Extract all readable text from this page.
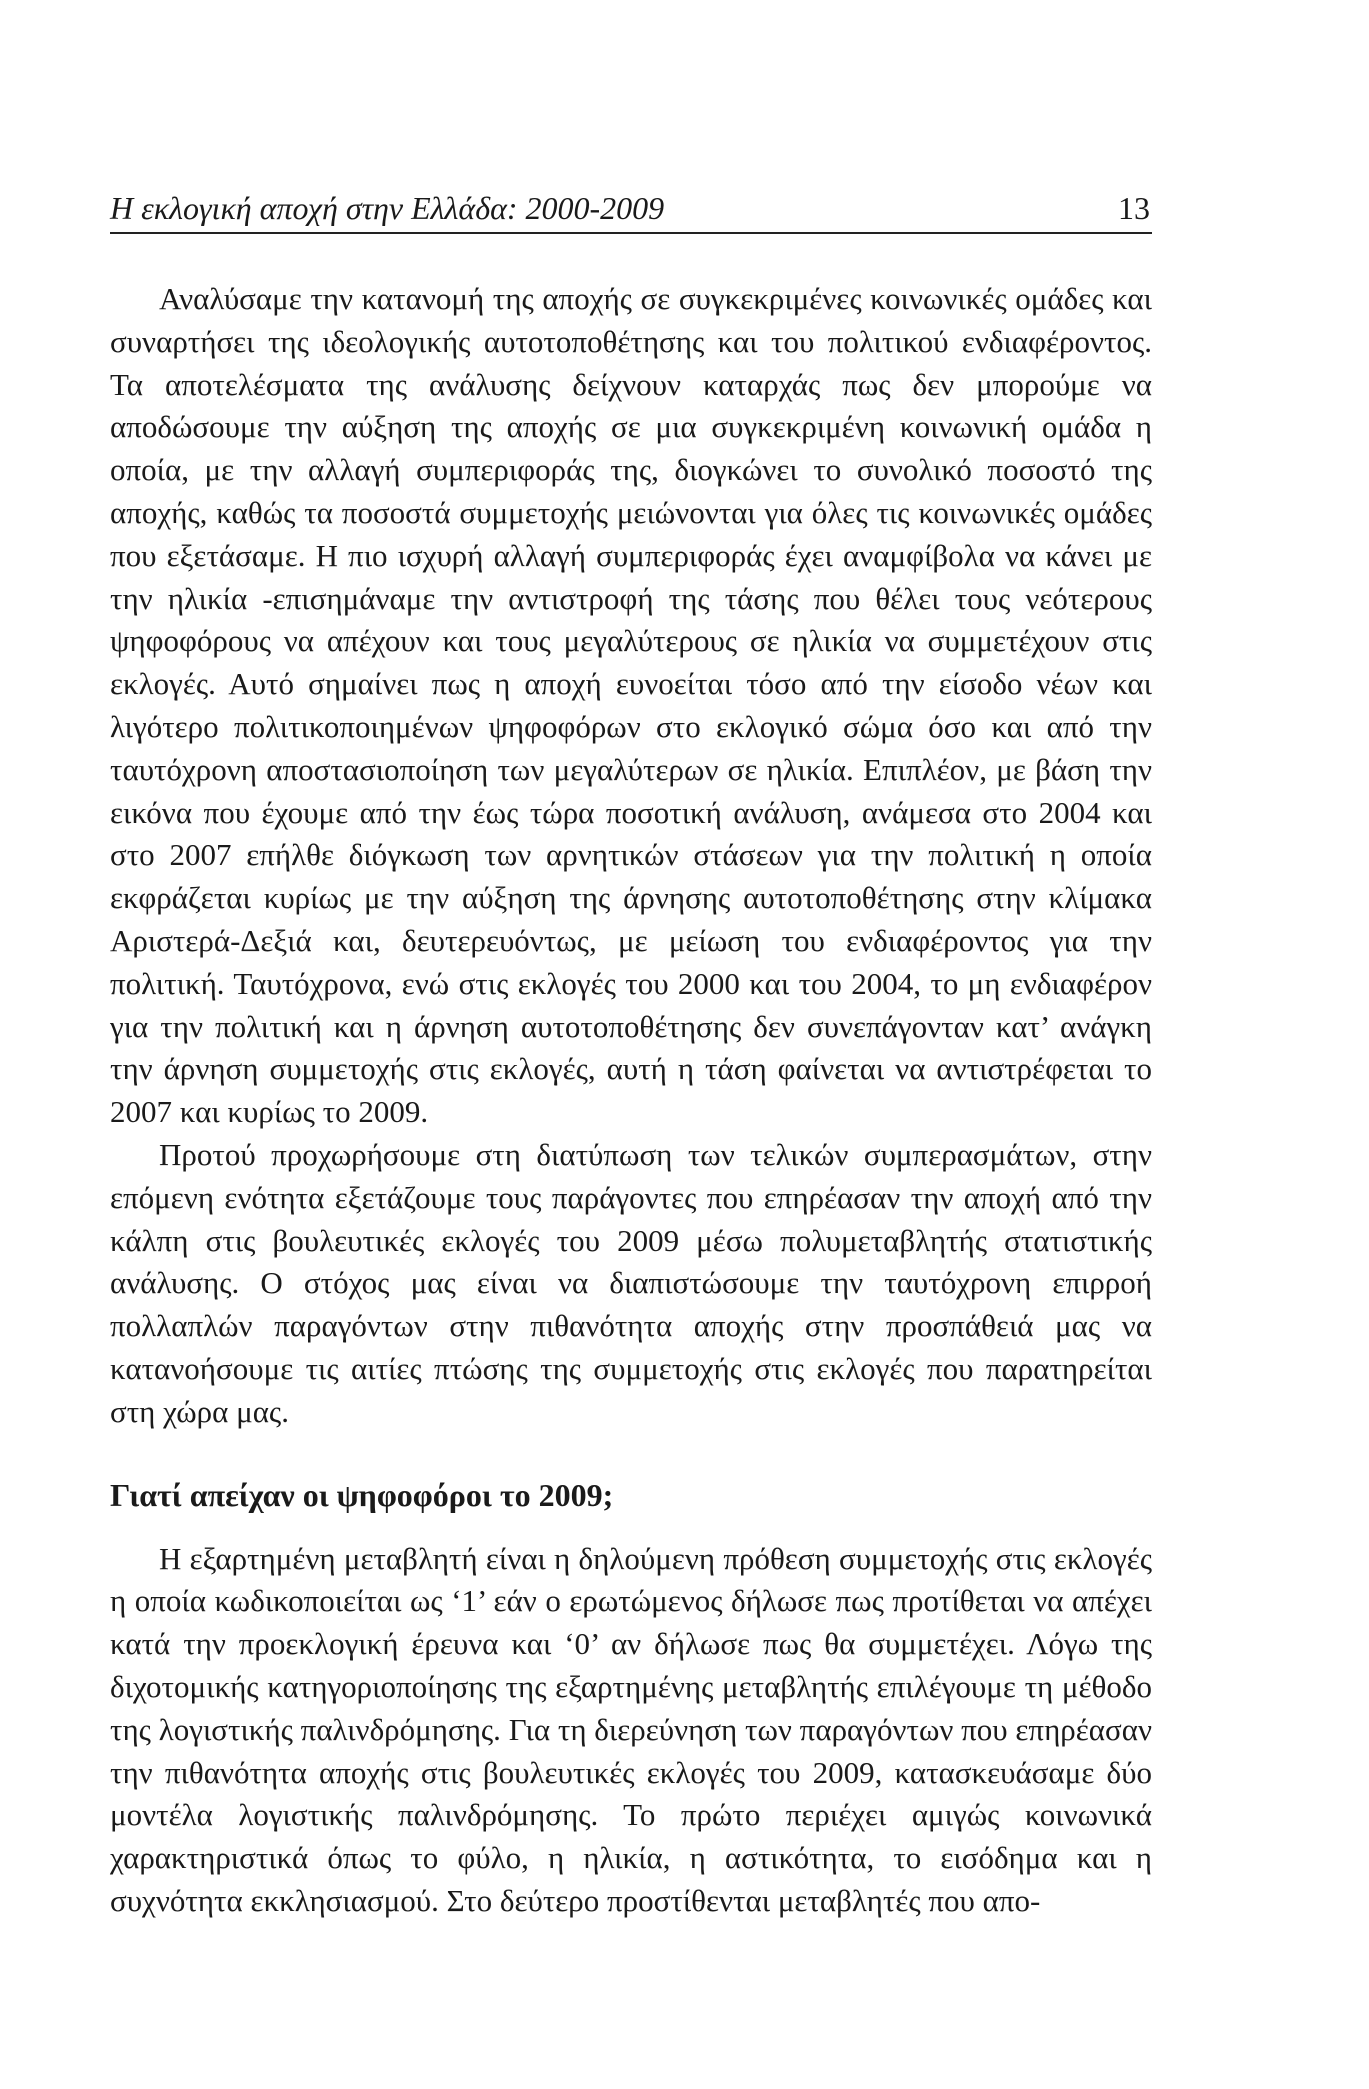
Η εκλογική αποχή στην Ελλάδα: 2000-2009	13

Αναλύσαμε την κατανομή της αποχής σε συγκεκριμένες κοινωνικές ομάδες και συναρτήσει της ιδεολογικής αυτοτοποθέτησης και του πολιτικού ενδιαφέροντος. Τα αποτελέσματα της ανάλυσης δείχνουν καταρχάς πως δεν μπορούμε να αποδώσουμε την αύξηση της αποχής σε μια συγκεκριμένη κοινωνική ομάδα η οποία, με την αλλαγή συμπεριφοράς της, διογκώνει το συνολικό ποσοστό της αποχής, καθώς τα ποσοστά συμμετοχής μειώνονται για όλες τις κοινωνικές ομάδες που εξετάσαμε. Η πιο ισχυρή αλλαγή συμπεριφοράς έχει αναμφίβολα να κάνει με την ηλικία -επισημάναμε την αντιστροφή της τάσης που θέλει τους νεότερους ψηφοφόρους να απέχουν και τους μεγαλύτερους σε ηλικία να συμμετέχουν στις εκλογές. Αυτό σημαίνει πως η αποχή ευνοείται τόσο από την είσοδο νέων και λιγότερο πολιτικοποιημένων ψηφοφόρων στο εκλογικό σώμα όσο και από την ταυτόχρονη αποστασιοποίηση των μεγαλύτερων σε ηλικία. Επιπλέον, με βάση την εικόνα που έχουμε από την έως τώρα ποσοτική ανάλυση, ανάμεσα στο 2004 και στο 2007 επήλθε διόγκωση των αρνητικών στάσεων για την πολιτική η οποία εκφράζεται κυρίως με την αύξηση της άρνησης αυτοτοποθέτησης στην κλίμακα Αριστερά-Δεξιά και, δευτερευόντως, με μείωση του ενδιαφέροντος για την πολιτική. Ταυτόχρονα, ενώ στις εκλογές του 2000 και του 2004, το μη ενδιαφέρον για την πολιτική και η άρνηση αυτοτοποθέτησης δεν συνεπάγονταν κατ’ ανάγκη την άρνηση συμμετοχής στις εκλογές, αυτή η τάση φαίνεται να αντιστρέφεται το 2007 και κυρίως το 2009.

Προτού προχωρήσουμε στη διατύπωση των τελικών συμπερασμάτων, στην επόμενη ενότητα εξετάζουμε τους παράγοντες που επηρέασαν την αποχή από την κάλπη στις βουλευτικές εκλογές του 2009 μέσω πολυμεταβλητής στατιστικής ανάλυσης. Ο στόχος μας είναι να διαπιστώσουμε την ταυτόχρονη επιρροή πολλαπλών παραγόντων στην πιθανότητα αποχής στην προσπάθειά μας να κατανοήσουμε τις αιτίες πτώσης της συμμετοχής στις εκλογές που παρατηρείται στη χώρα μας.

Γιατί απείχαν οι ψηφοφόροι το 2009;

Η εξαρτημένη μεταβλητή είναι η δηλούμενη πρόθεση συμμετοχής στις εκλογές η οποία κωδικοποιείται ως ‘1’ εάν ο ερωτώμενος δήλωσε πως προτίθεται να απέχει κατά την προεκλογική έρευνα και ‘0’ αν δήλωσε πως θα συμμετέχει. Λόγω της διχοτομικής κατηγοριοποίησης της εξαρτημένης μεταβλητής επιλέγουμε τη μέθοδο της λογιστικής παλινδρόμησης. Για τη διερεύνηση των παραγόντων που επηρέασαν την πιθανότητα αποχής στις βουλευτικές εκλογές του 2009, κατασκευάσαμε δύο μοντέλα λογιστικής παλινδρόμησης. Το πρώτο περιέχει αμιγώς κοινωνικά χαρακτηριστικά όπως το φύλο, η ηλικία, η αστικότητα, το εισόδημα και η συχνότητα εκκλησιασμού. Στο δεύτερο προστίθενται μεταβλητές που απο-
